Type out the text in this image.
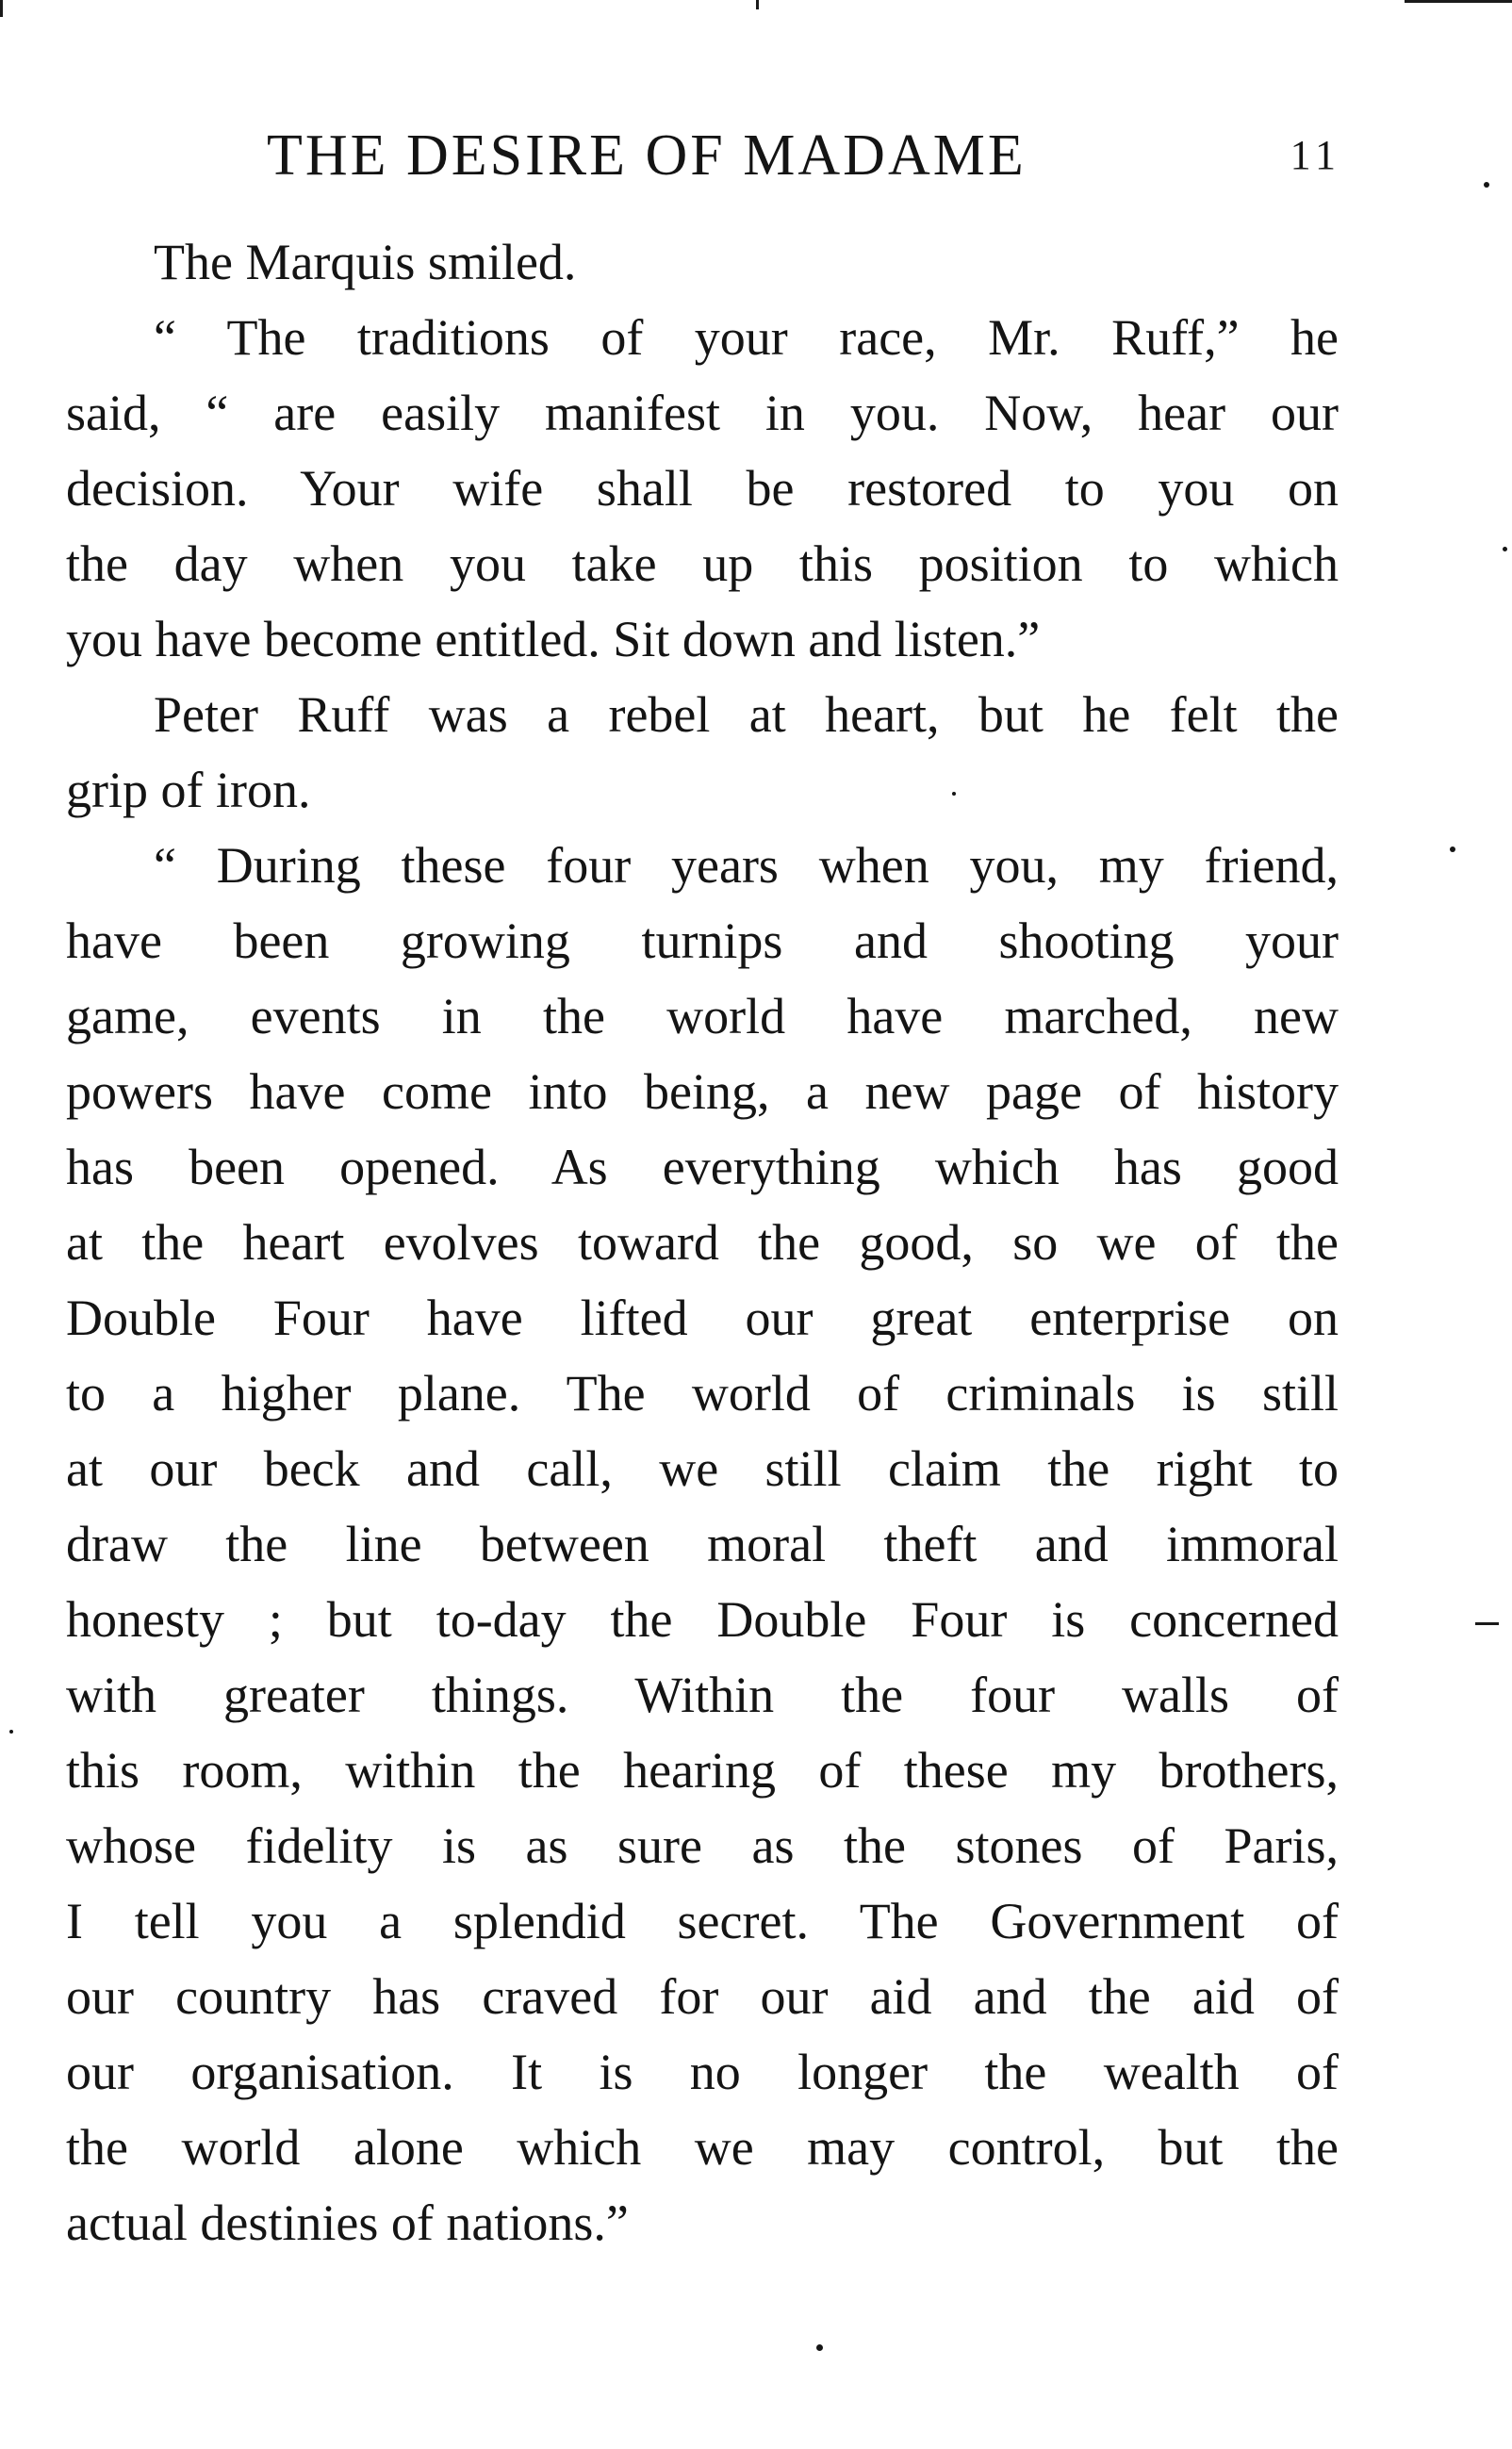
THE DESIRE OF MADAME	11
The Marquis smiled.
“ The traditions of your race, Mr. Ruff,” he
said, “ are easily manifest in you. Now, hear our
decision. Your wife shall be restored to you on
the day when you take up this position to which
you have become entitled. Sit down and listen.”
Peter Ruff was a rebel at heart, but he felt the
grip of iron.
“ During these four years when you, my friend,
have been growing turnips and shooting your
game, events in the world have marched, new
powers have come into being, a new page of history
has been opened. As everything which has good
at the heart evolves toward the good, so we of the
Double Four have lifted our great enterprise on
to a higher plane. The world of criminals is still
at our beck and call, we still claim the right to
draw the line between moral theft and immoral
honesty ; but to-day the Double Four is concerned
with greater things. Within the four walls of
this room, within the hearing of these my brothers,
whose fidelity is as sure as the stones of Paris,
I tell you a splendid secret. The Government of
our country has craved for our aid and the aid of
our organisation. It is no longer the wealth of
the world alone which we may control, but the
actual destinies of nations.”
